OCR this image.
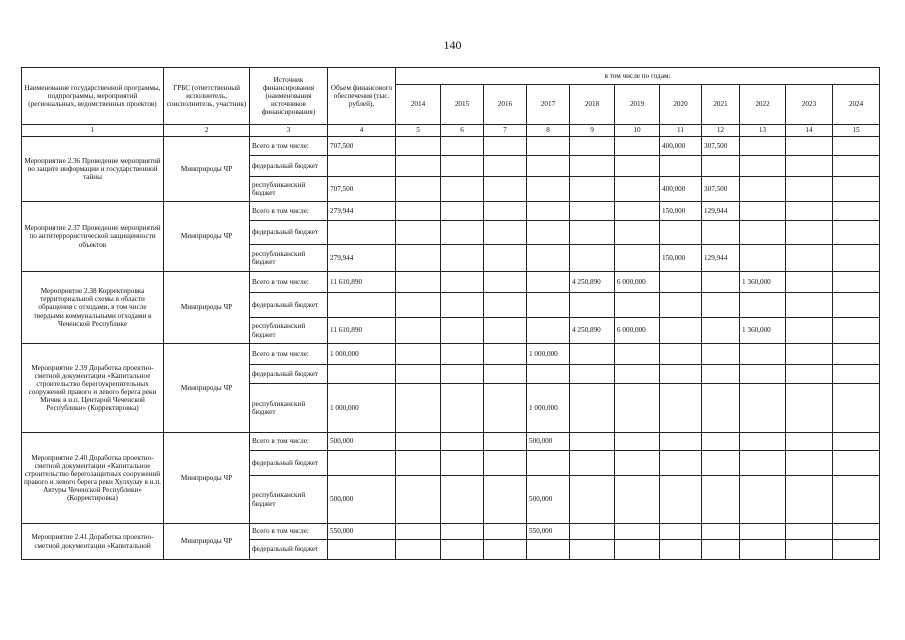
140
Наименование государственной программы, подпрограммы, мероприятий (региональных, ведомственных проектов)	ГРБС (ответственный исполнитель, соисполнитель, участник)	Источник финансирования (наименования источников финансирования)	Объем финансового обеспечения (тыс. рублей),	в том числе по годам:										
				2014	2015	2016	2017	2018	2019	2020	2021	2022	2023	2024
1	2	3	4	5	6	7	8	9	10	11	12	13	14	15
Мероприятие 2.36 Проведение мероприятий по защите информации и государственной тайны	Минприроды ЧР	Всего в том числе:	707,500							400,000	307,500			
		федеральный бюджет												
		республиканский бюджет	707,500							400,000	307,500			
Мероприятие 2.37 Проведение мероприятий по антитеррористической защищенности объектов	Минприроды ЧР	Всего в том числе:	279,944							150,000	129,944			
		федеральный бюджет												
		республиканский бюджет	279,944							150,000	129,944			
Мероприятие 2.38 Корректировка территориальной схемы в области обращения с отходами, в том числе твердыми коммунальными отходами в Чеченской Республике	Минприроды ЧР	Всего в том числе:	11 610,890					4 250,890	6 000,000			1 360,000		
		федеральный бюджет												
		республиканский бюджет	11 610,890					4 250,890	6 000,000			1 360,000		
Мероприятие 2.39 Доработка проектно-сметной документации «Капитальное строительство берегоукрепительных сооружений правого и левого берега реки Мичик в н.п. Центарой Чеченской Республики» (Корректировка)	Минприроды ЧР	Всего в том числе:	1 000,000				1 000,000							
		федеральный бюджет												
		республиканский бюджет	1 000,000				1 000,000							
Мероприятие 2.40 Доработка проектно-сметной документации «Капитальное строительство берегозащитных сооружений правого и левого берега реки Хулхулау в н.п. Автуры Чеченской Республики» (Корректировка)	Минприроды ЧР	Всего в том числе:	500,000				500,000							
		федеральный бюджет												
		республиканский бюджет	500,000				500,000							
Мероприятие 2.41 Доработка проектно-сметной документации «Капитальной	Минприроды ЧР	Всего в том числе:	550,000				550,000							
		федеральный бюджет												
